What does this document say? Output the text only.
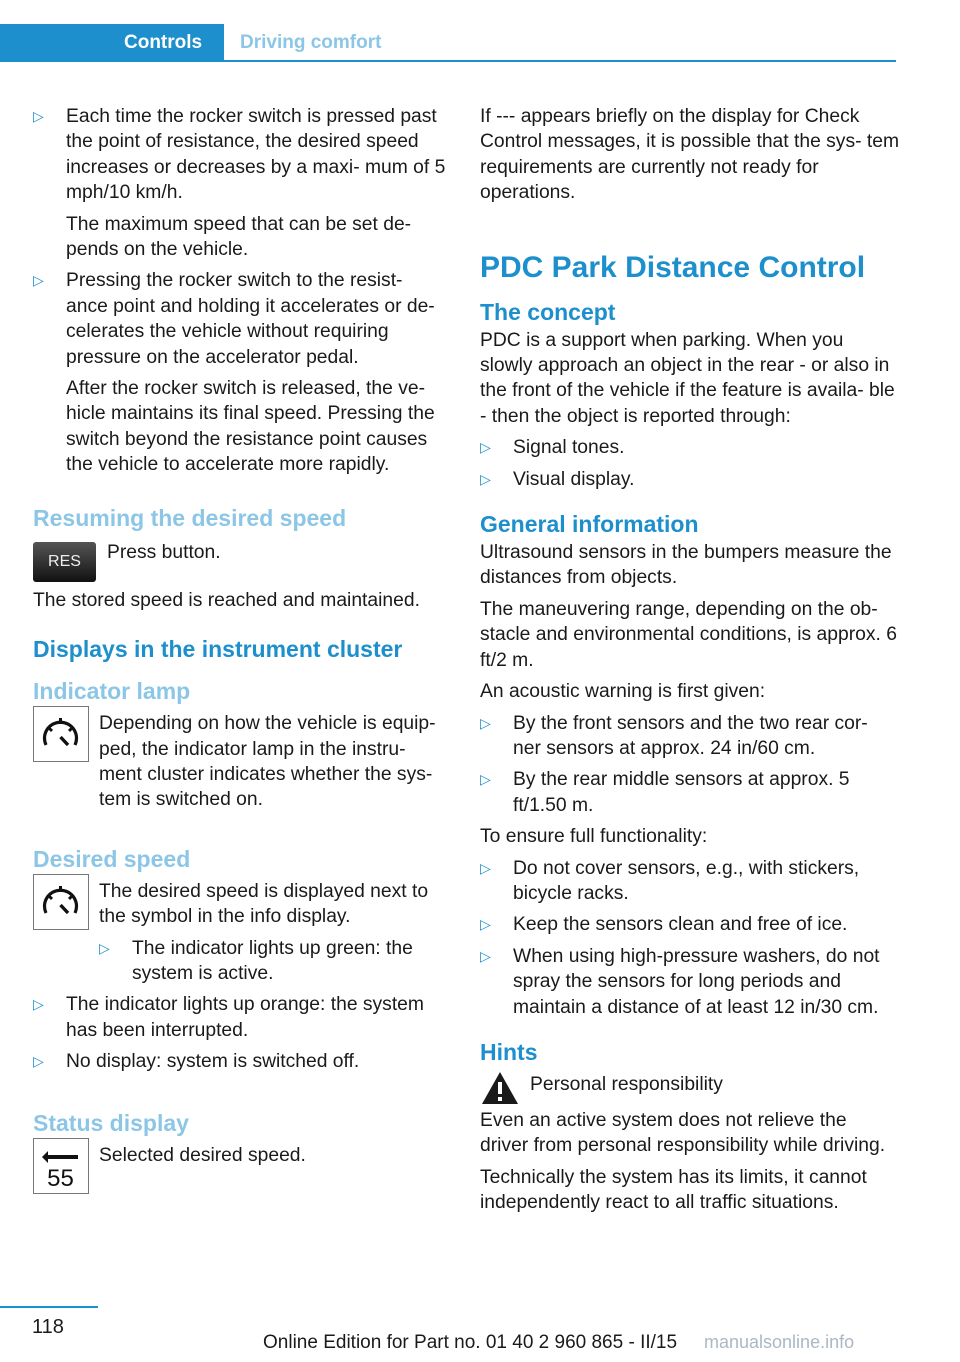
Controls	Driving comfort
▷ Each time the rocker switch is pressed past the point of resistance, the desired speed increases or decreases by a maxi- mum of 5 mph/10 km/h.
The maximum speed that can be set de- pends on the vehicle.
▷ Pressing the rocker switch to the resist- ance point and holding it accelerates or de- celerates the vehicle without requiring pressure on the accelerator pedal.
After the rocker switch is released, the ve- hicle maintains its final speed. Pressing the switch beyond the resistance point causes the vehicle to accelerate more rapidly.
Resuming the desired speed
RES	Press button.

The stored speed is reached and maintained.

Displays in the instrument cluster
Indicator lamp
Depending on how the vehicle is equip- ped, the indicator lamp in the instru- ment cluster indicates whether the sys- tem is switched on.
Desired speed

The desired speed is displayed next to the symbol in the info display.

▷ The indicator lights up green: the system is active.
▷ The indicator lights up orange: the system has been interrupted.
▷ No display: system is switched off.
Status display
55
Selected desired speed.

If --- appears briefly on the display for Check Control messages, it is possible that the sys- tem requirements are currently not ready for operations.

PDC Park Distance Control
The concept

PDC is a support when parking. When you slowly approach an object in the rear - or also in the front of the vehicle if the feature is availa- ble - then the object is reported through:

▷ Signal tones.
▷ Visual display.
General information

Ultrasound sensors in the bumpers measure the distances from objects.

The maneuvering range, depending on the ob- stacle and environmental conditions, is approx. 6 ft/2 m.

An acoustic warning is first given:

▷ By the front sensors and the two rear cor- ner sensors at approx. 24 in/60 cm.
▷ By the rear middle sensors at approx. 5 ft/1.50 m.

To ensure full functionality:

▷ Do not cover sensors, e.g., with stickers, bicycle racks.
▷ Keep the sensors clean and free of ice.
▷ When using high-pressure washers, do not spray the sensors for long periods and maintain a distance of at least 12 in/30 cm.
Hints

Personal responsibility

Even an active system does not relieve the driver from personal responsibility while driving.

Technically the system has its limits, it cannot independently react to all traffic situations.

118
Online Edition for Part no. 01 40 2 960 865 - II/15 manualsonline.info
